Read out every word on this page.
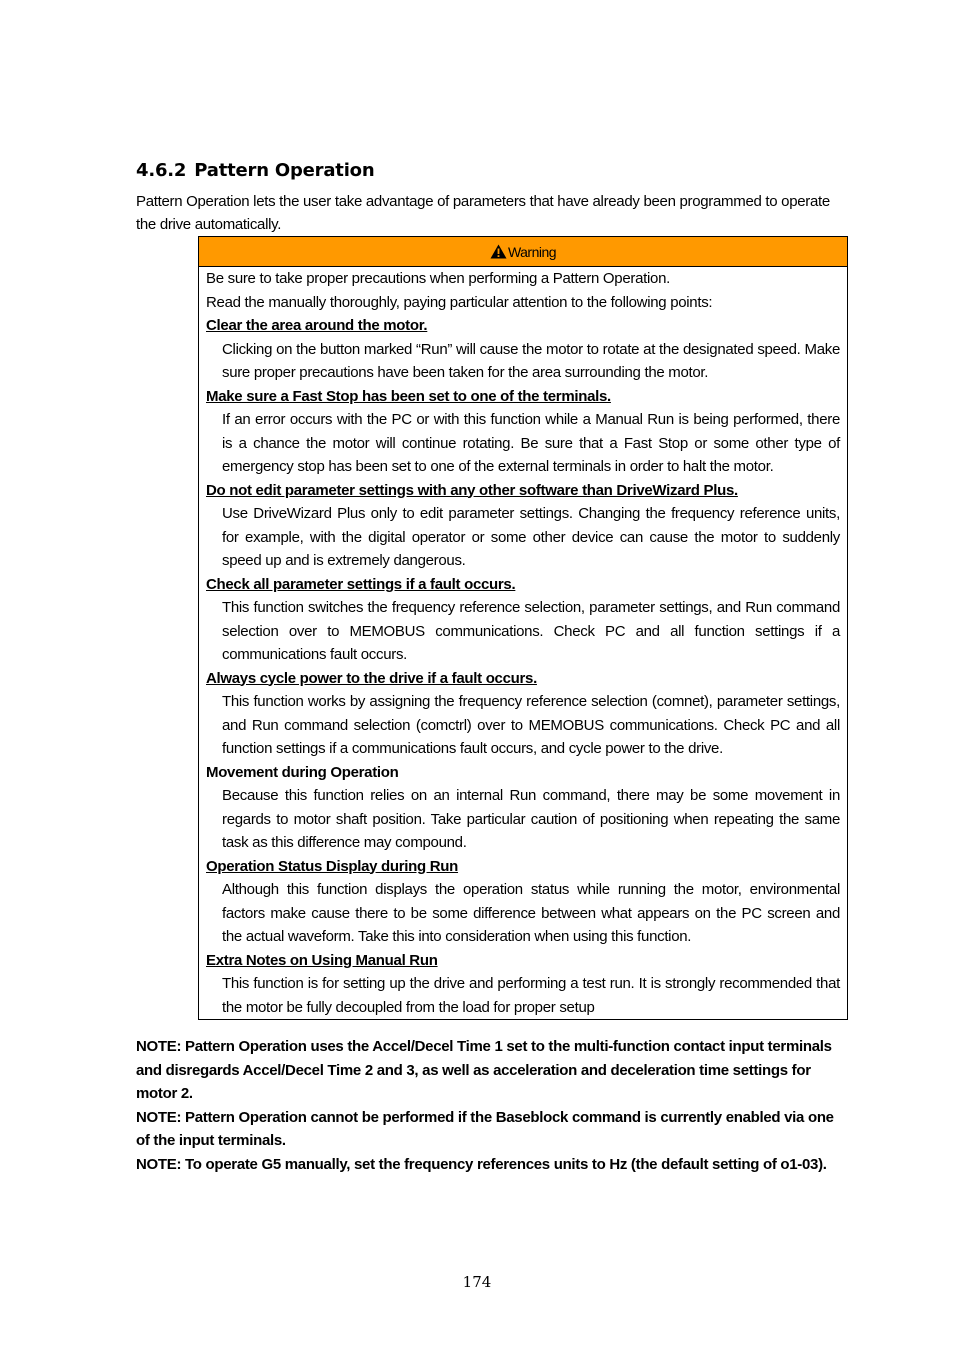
4.6.2 Pattern Operation

Pattern Operation lets the user take advantage of parameters that have already been programmed to operate the drive automatically.

Warning

Be sure to take proper precautions when performing a Pattern Operation.

Read the manually thoroughly, paying particular attention to the following points:

Clear the area around the motor.

Clicking on the button marked “Run” will cause the motor to rotate at the designated speed. Make sure proper precautions have been taken for the area surrounding the motor.

Make sure a Fast Stop has been set to one of the terminals.

If an error occurs with the PC or with this function while a Manual Run is being performed, there is a chance the motor will continue rotating. Be sure that a Fast Stop or some other type of emergency stop has been set to one of the external terminals in order to halt the motor.

Do not edit parameter settings with any other software than DriveWizard Plus.

Use DriveWizard Plus only to edit parameter settings. Changing the frequency reference units, for example, with the digital operator or some other device can cause the motor to suddenly speed up and is extremely dangerous.

Check all parameter settings if a fault occurs.

This function switches the frequency reference selection, parameter settings, and Run command selection over to MEMOBUS communications. Check PC and all function settings if a communications fault occurs.

Always cycle power to the drive if a fault occurs.

This function works by assigning the frequency reference selection (comnet), parameter settings, and Run command selection (comctrl) over to MEMOBUS communications. Check PC and all function settings if a communications fault occurs, and cycle power to the drive.

Movement during Operation

Because this function relies on an internal Run command, there may be some movement in regards to motor shaft position. Take particular caution of positioning when repeating the same task as this difference may compound.

Operation Status Display during Run

Although this function displays the operation status while running the motor, environmental factors make cause there to be some difference between what appears on the PC screen and the actual waveform. Take this into consideration when using this function.

Extra Notes on Using Manual Run

This function is for setting up the drive and performing a test run. It is strongly recommended that the motor be fully decoupled from the load for proper setup

NOTE: Pattern Operation uses the Accel/Decel Time 1 set to the multi-function contact input terminals and disregards Accel/Decel Time 2 and 3, as well as acceleration and deceleration time settings for motor 2.

NOTE: Pattern Operation cannot be performed if the Baseblock command is currently enabled via one of the input terminals.

NOTE: To operate G5 manually, set the frequency references units to Hz (the default setting of o1-03).

174
